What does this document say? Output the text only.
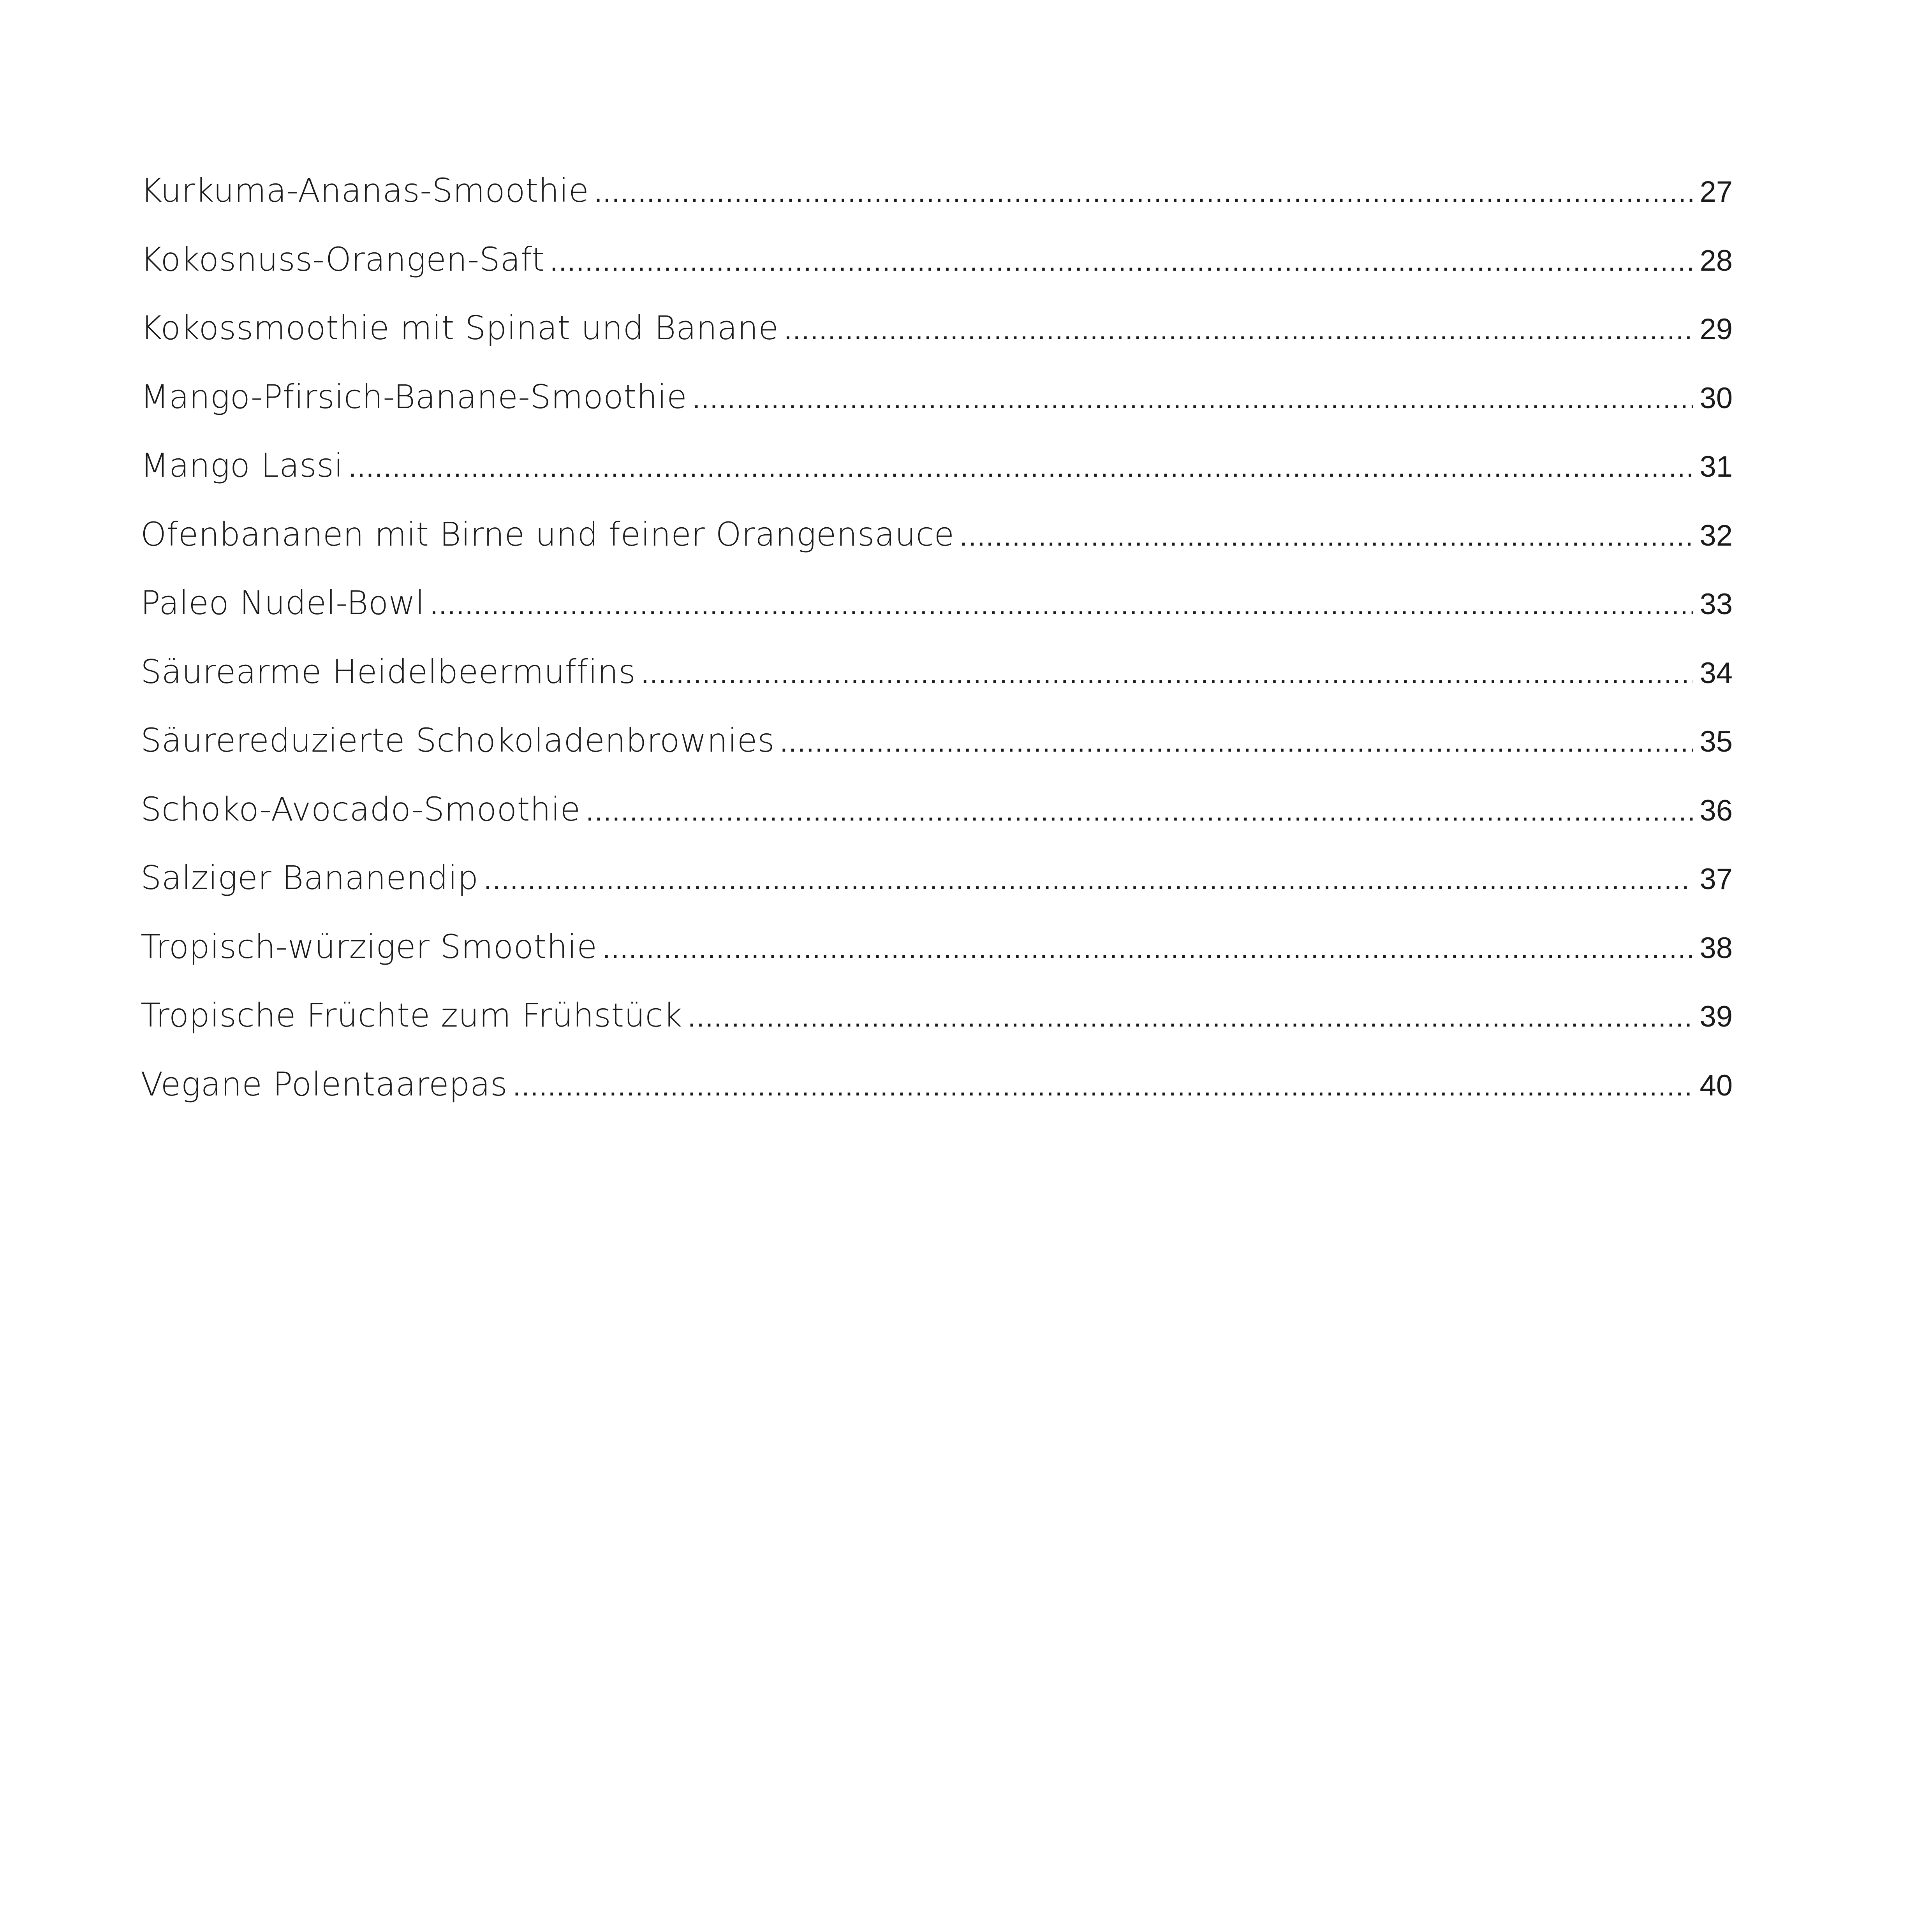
Kurkuma-Ananas-Smoothie .....	27
Kokosnuss-Orangen-Saft .....	28
Kokossmoothie mit Spinat und Banane .....	29
Mango-Pfirsich-Banane-Smoothie .....	30
Mango Lassi .....	31
Ofenbananen mit Birne und feiner Orangensauce .....	32
Paleo Nudel-Bowl .....	33
Säurearme Heidelbeermuffins .....	34
Säurereduzierte Schokoladenbrownies .....	35
Schoko-Avocado-Smoothie .....	36
Salziger Bananendip .....	37
Tropisch-würziger Smoothie .....	38
Tropische Früchte zum Frühstück .....	39
Vegane Polentaarepas .....	40
